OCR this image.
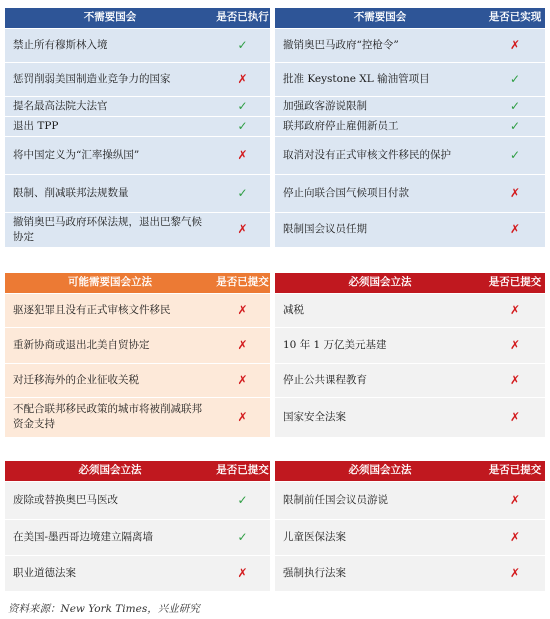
不需要国会	是否已执行		不需要国会	是否已实现
禁止所有穆斯林入境	✓		撤销奥巴马政府“控枪令”	✗
惩罚削弱美国制造业竞争力的国家	✗		批准 Keystone XL 输油管项目	✓
提名最高法院大法官	✓		加强政客游说限制	✓
退出 TPP	✓		联邦政府停止雇佣新员工	✓
将中国定义为“汇率操纵国”	✗		取消对没有正式审核文件移民的保护	✓
限制、削减联邦法规数量	✓		停止向联合国气候项目付款	✗
撤销奥巴马政府环保法规，退出巴黎气候协定	✗		限制国会议员任期	✗
可能需要国会立法	是否已提交		必须国会立法	是否已提交
驱逐犯罪且没有正式审核文件移民	✗		减税	✗
重新协商或退出北美自贸协定	✗		10 年 1 万亿美元基建	✗
对迁移海外的企业征收关税	✗		停止公共课程教育	✗
不配合联邦移民政策的城市将被削减联邦资金支持	✗		国家安全法案	✗
必须国会立法	是否已提交		必须国会立法	是否已提交
废除或替换奥巴马医改	✓		限制前任国会议员游说	✗
在美国-墨西哥边境建立隔离墙	✓		儿童医保法案	✗
职业道德法案	✗		强制执行法案	✗
资料来源：New York Times，兴业研究
